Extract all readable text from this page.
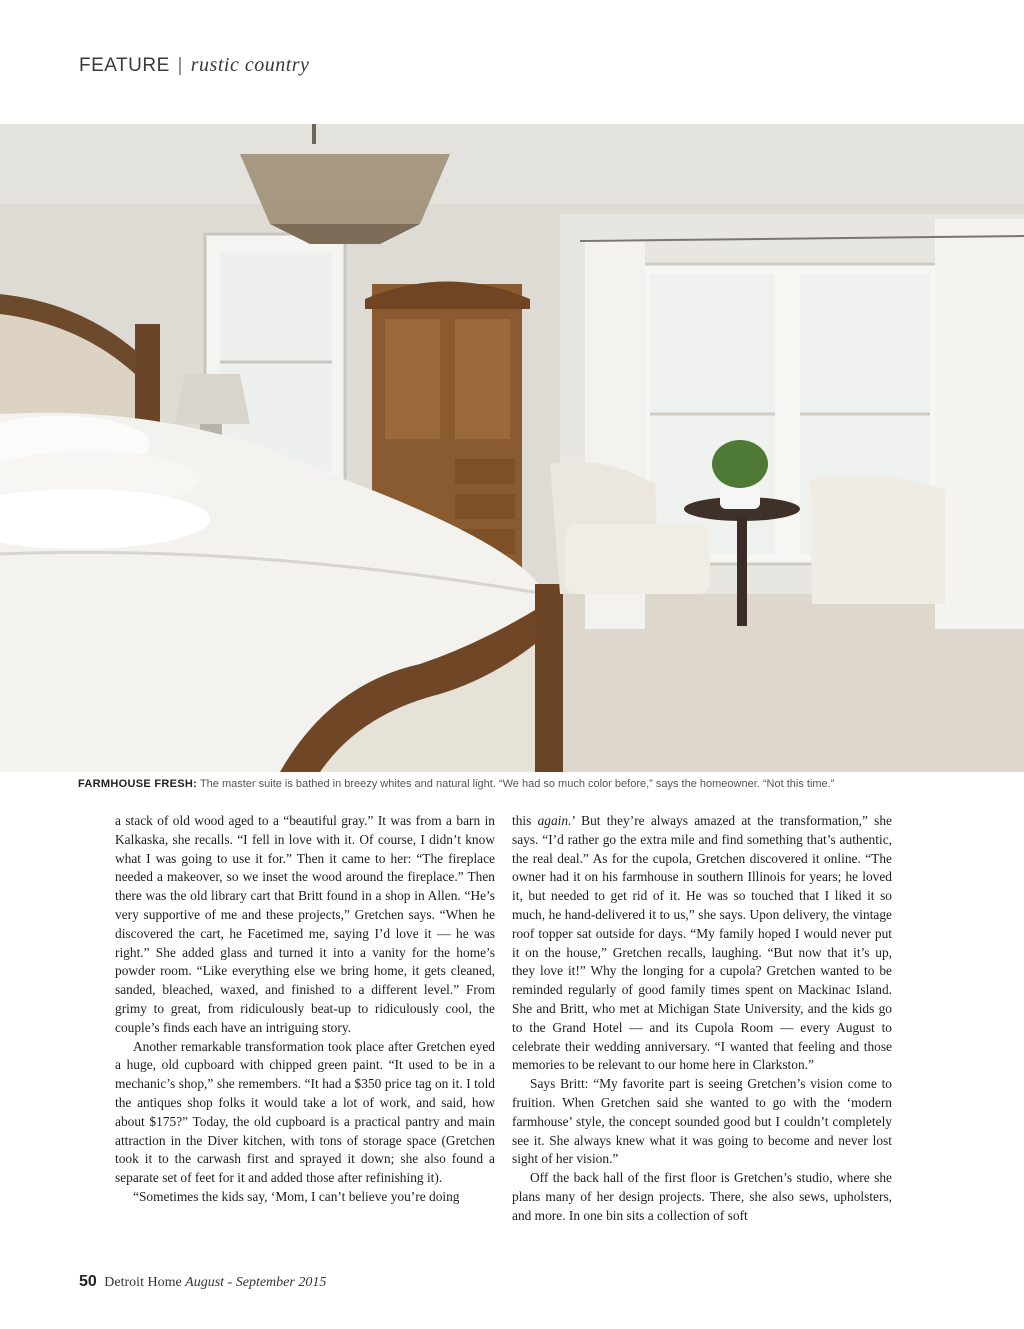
FEATURE | rustic country
FARMHOUSE FRESH: The master suite is bathed in breezy whites and natural light. “We had so much color before,” says the homeowner. “Not this time.”

a stack of old wood aged to a “beautiful gray.” It was from a barn in Kalkaska, she recalls. “I fell in love with it. Of course, I didn’t know what I was going to use it for.” Then it came to her: “The fireplace needed a makeover, so we inset the wood around the fireplace.” Then there was the old library cart that Britt found in a shop in Allen. “He’s very supportive of me and these projects,” Gretchen says. “When he discovered the cart, he Facetimed me, saying I’d love it — he was right.” She added glass and turned it into a vanity for the home’s powder room. “Like everything else we bring home, it gets cleaned, sanded, bleached, waxed, and finished to a different level.” From grimy to great, from ridiculously beat-up to ridiculously cool, the couple’s finds each have an intriguing story.

Another remarkable transformation took place after Gretchen eyed a huge, old cupboard with chipped green paint. “It used to be in a mechanic’s shop,” she remembers. “It had a $350 price tag on it. I told the antiques shop folks it would take a lot of work, and said, how about $175?” Today, the old cupboard is a practical pantry and main attraction in the Diver kitchen, with tons of storage space (Gretchen took it to the carwash first and sprayed it down; she also found a separate set of feet for it and added those after refinishing it).

“Sometimes the kids say, ‘Mom, I can’t believe you’re doing

this again.’ But they’re always amazed at the transformation,” she says. “I’d rather go the extra mile and find something that’s authentic, the real deal.” As for the cupola, Gretchen discovered it online. “The owner had it on his farmhouse in southern Illinois for years; he loved it, but needed to get rid of it. He was so touched that I liked it so much, he hand-delivered it to us,” she says. Upon delivery, the vintage roof topper sat outside for days. “My family hoped I would never put it on the house,” Gretchen recalls, laughing. “But now that it’s up, they love it!” Why the longing for a cupola? Gretchen wanted to be reminded regularly of good family times spent on Mackinac Island. She and Britt, who met at Michigan State University, and the kids go to the Grand Hotel — and its Cupola Room — every August to celebrate their wedding anniversary. “I wanted that feeling and those memories to be relevant to our home here in Clarkston.”

Says Britt: “My favorite part is seeing Gretchen’s vision come to fruition. When Gretchen said she wanted to go with the ‘modern farmhouse’ style, the concept sounded good but I couldn’t completely see it. She always knew what it was going to become and never lost sight of her vision.”

Off the back hall of the first floor is Gretchen’s studio, where she plans many of her design projects. There, she also sews, upholsters, and more. In one bin sits a collection of soft

50 Detroit Home August - September 2015
